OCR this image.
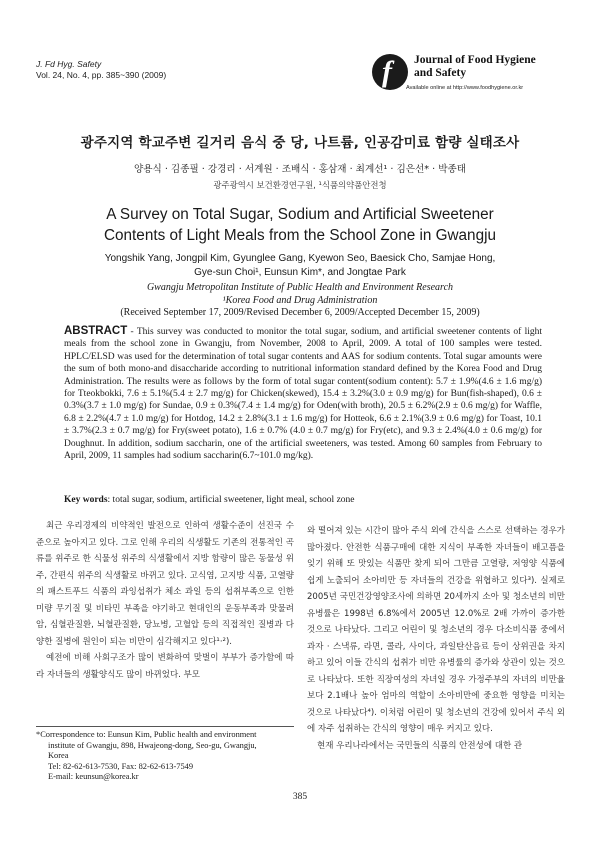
J. Fd Hyg. Safety
Vol. 24, No. 4, pp. 385~390 (2009)	f Journal of Food Hygiene
and Safety
Available online at http://www.foodhygiene.or.kr
광주지역 학교주변 길거리 음식 중 당, 나트륨, 인공감미료 함량 실태조사
양용식 · 김종필 · 강경리 · 서계원 · 조배식 · 홍삼재 · 최계선¹ · 김은선* · 박종태
광주광역시 보건환경연구원, ¹식품의약품안전청
A Survey on Total Sugar, Sodium and Artificial Sweetener
Contents of Light Meals from the School Zone in Gwangju
Yongshik Yang, Jongpil Kim, Gyunglee Gang, Kyewon Seo, Baesick Cho, Samjae Hong,
Gye-sun Choi¹, Eunsun Kim*, and Jongtae Park
Gwangju Metropolitan Institute of Public Health and Environment Research
¹Korea Food and Drug Administration
(Received September 17, 2009/Revised December 6, 2009/Accepted December 15, 2009)
ABSTRACT - This survey was conducted to monitor the total sugar, sodium, and artificial sweetener contents of light meals from the school zone in Gwangju, from November, 2008 to April, 2009. A total of 100 samples were tested. HPLC/ELSD was used for the determination of total sugar contents and AAS for sodium contents. Total sugar amounts were the sum of both mono-and disaccharide according to nutritional information standard defined by the Korea Food and Drug Administration. The results were as follows by the form of total sugar content(sodium content): 5.7 ± 1.9%(4.6 ± 1.6 mg/g) for Tteokbokki, 7.6 ± 5.1%(5.4 ± 2.7 mg/g) for Chicken(skewed), 15.4 ± 3.2%(3.0 ± 0.9 mg/g) for Bun(fish-shaped), 0.6 ± 0.3%(3.7 ± 1.0 mg/g) for Sundae, 0.9 ± 0.3%(7.4 ± 1.4 mg/g) for Oden(with broth), 20.5 ± 6.2%(2.9 ± 0.6 mg/g) for Waffle, 6.8 ± 2.2%(4.7 ± 1.0 mg/g) for Hotdog, 14.2 ± 2.8%(3.1 ± 1.6 mg/g) for Hotteok, 6.6 ± 2.1%(3.9 ± 0.6 mg/g) for Toast, 10.1 ± 3.7%(2.3 ± 0.7 mg/g) for Fry(sweet potato), 1.6 ± 0.7% (4.0 ± 0.7 mg/g) for Fry(etc), and 9.3 ± 2.4%(4.0 ± 0.6 mg/g) for Doughnut. In addition, sodium saccharin, one of the artificial sweeteners, was tested. Among 60 samples from February to April, 2009, 11 samples had sodium saccharin(6.7~101.0 mg/kg).
Key words: total sugar, sodium, artificial sweetener, light meal, school zone

최근 우리경제의 비약적인 발전으로 인하여 생활수준이 선진국 수준으로 높아지고 있다. 그로 인해 우리의 식생활도 기존의 전통적인 곡류를 위주로 한 식물성 위주의 식생활에서 지방 함량이 많은 동물성 위주, 간편식 위주의 식생활로 바뀌고 있다. 고식염, 고지방 식품, 고열량의 패스트푸드 식품의 과잉섭취가 체소 과일 등의 섭취부족으로 인한 미량 무기질 및 비타민 부족을 야기하고 현대인의 운동부족과 맞물려 암, 심혈관질환, 뇌혈관질환, 당뇨병, 고혈압 등의 직접적인 질병과 다양한 질병에 원인이 되는 비만이 심각해지고 있다¹·²).

예전에 비해 사회구조가 많이 변화하여 맞벌이 부부가 증가함에 따라 자녀들의 생활양식도 많이 바뀌었다. 부모

와 떨어져 있는 시간이 많아 주식 외에 간식을 스스로 선택하는 경우가 많아졌다. 안전한 식품구매에 대한 지식이 부족한 자녀들이 배고픔을 잊기 위해 또 맛있는 식품만 찾게 되어 그만큼 고열량, 저영양 식품에 쉽게 노출되어 소아비만 등 자녀들의 건강을 위협하고 있다³). 실제로 2005년 국민건강영양조사에 의하면 20세까지 소아 및 청소년의 비만 유병률은 1998년 6.8%에서 2005년 12.0%로 2배 가까이 증가한 것으로 나타났다. 그리고 어린이 및 청소년의 경우 다소비식품 중에서 과자 · 스낵류, 라면, 콜라, 사이다, 과일탄산음료 등이 상위권을 차지하고 있어 이들 간식의 섭취가 비만 유병률의 증가와 상관이 있는 것으로 나타났다. 또한 직장여성의 자녀일 경우 가정주부의 자녀의 비만율보다 2.1배나 높아 엄마의 역할이 소아비만에 중요한 영향을 미치는 것으로 나타났다⁴). 이처럼 어린이 및 청소년의 건강에 있어서 주식 외에 자주 섭취하는 간식의 영향이 매우 커지고 있다.

현재 우리나라에서는 국민들의 식품의 안전성에 대한 관

*Correspondence to: Eunsun Kim, Public health and environment
institute of Gwangju, 898, Hwajeong-dong, Seo-gu, Gwangju,
Korea
Tel: 82-62-613-7530, Fax: 82-62-613-7549
E-mail: keunsun@korea.kr
385
